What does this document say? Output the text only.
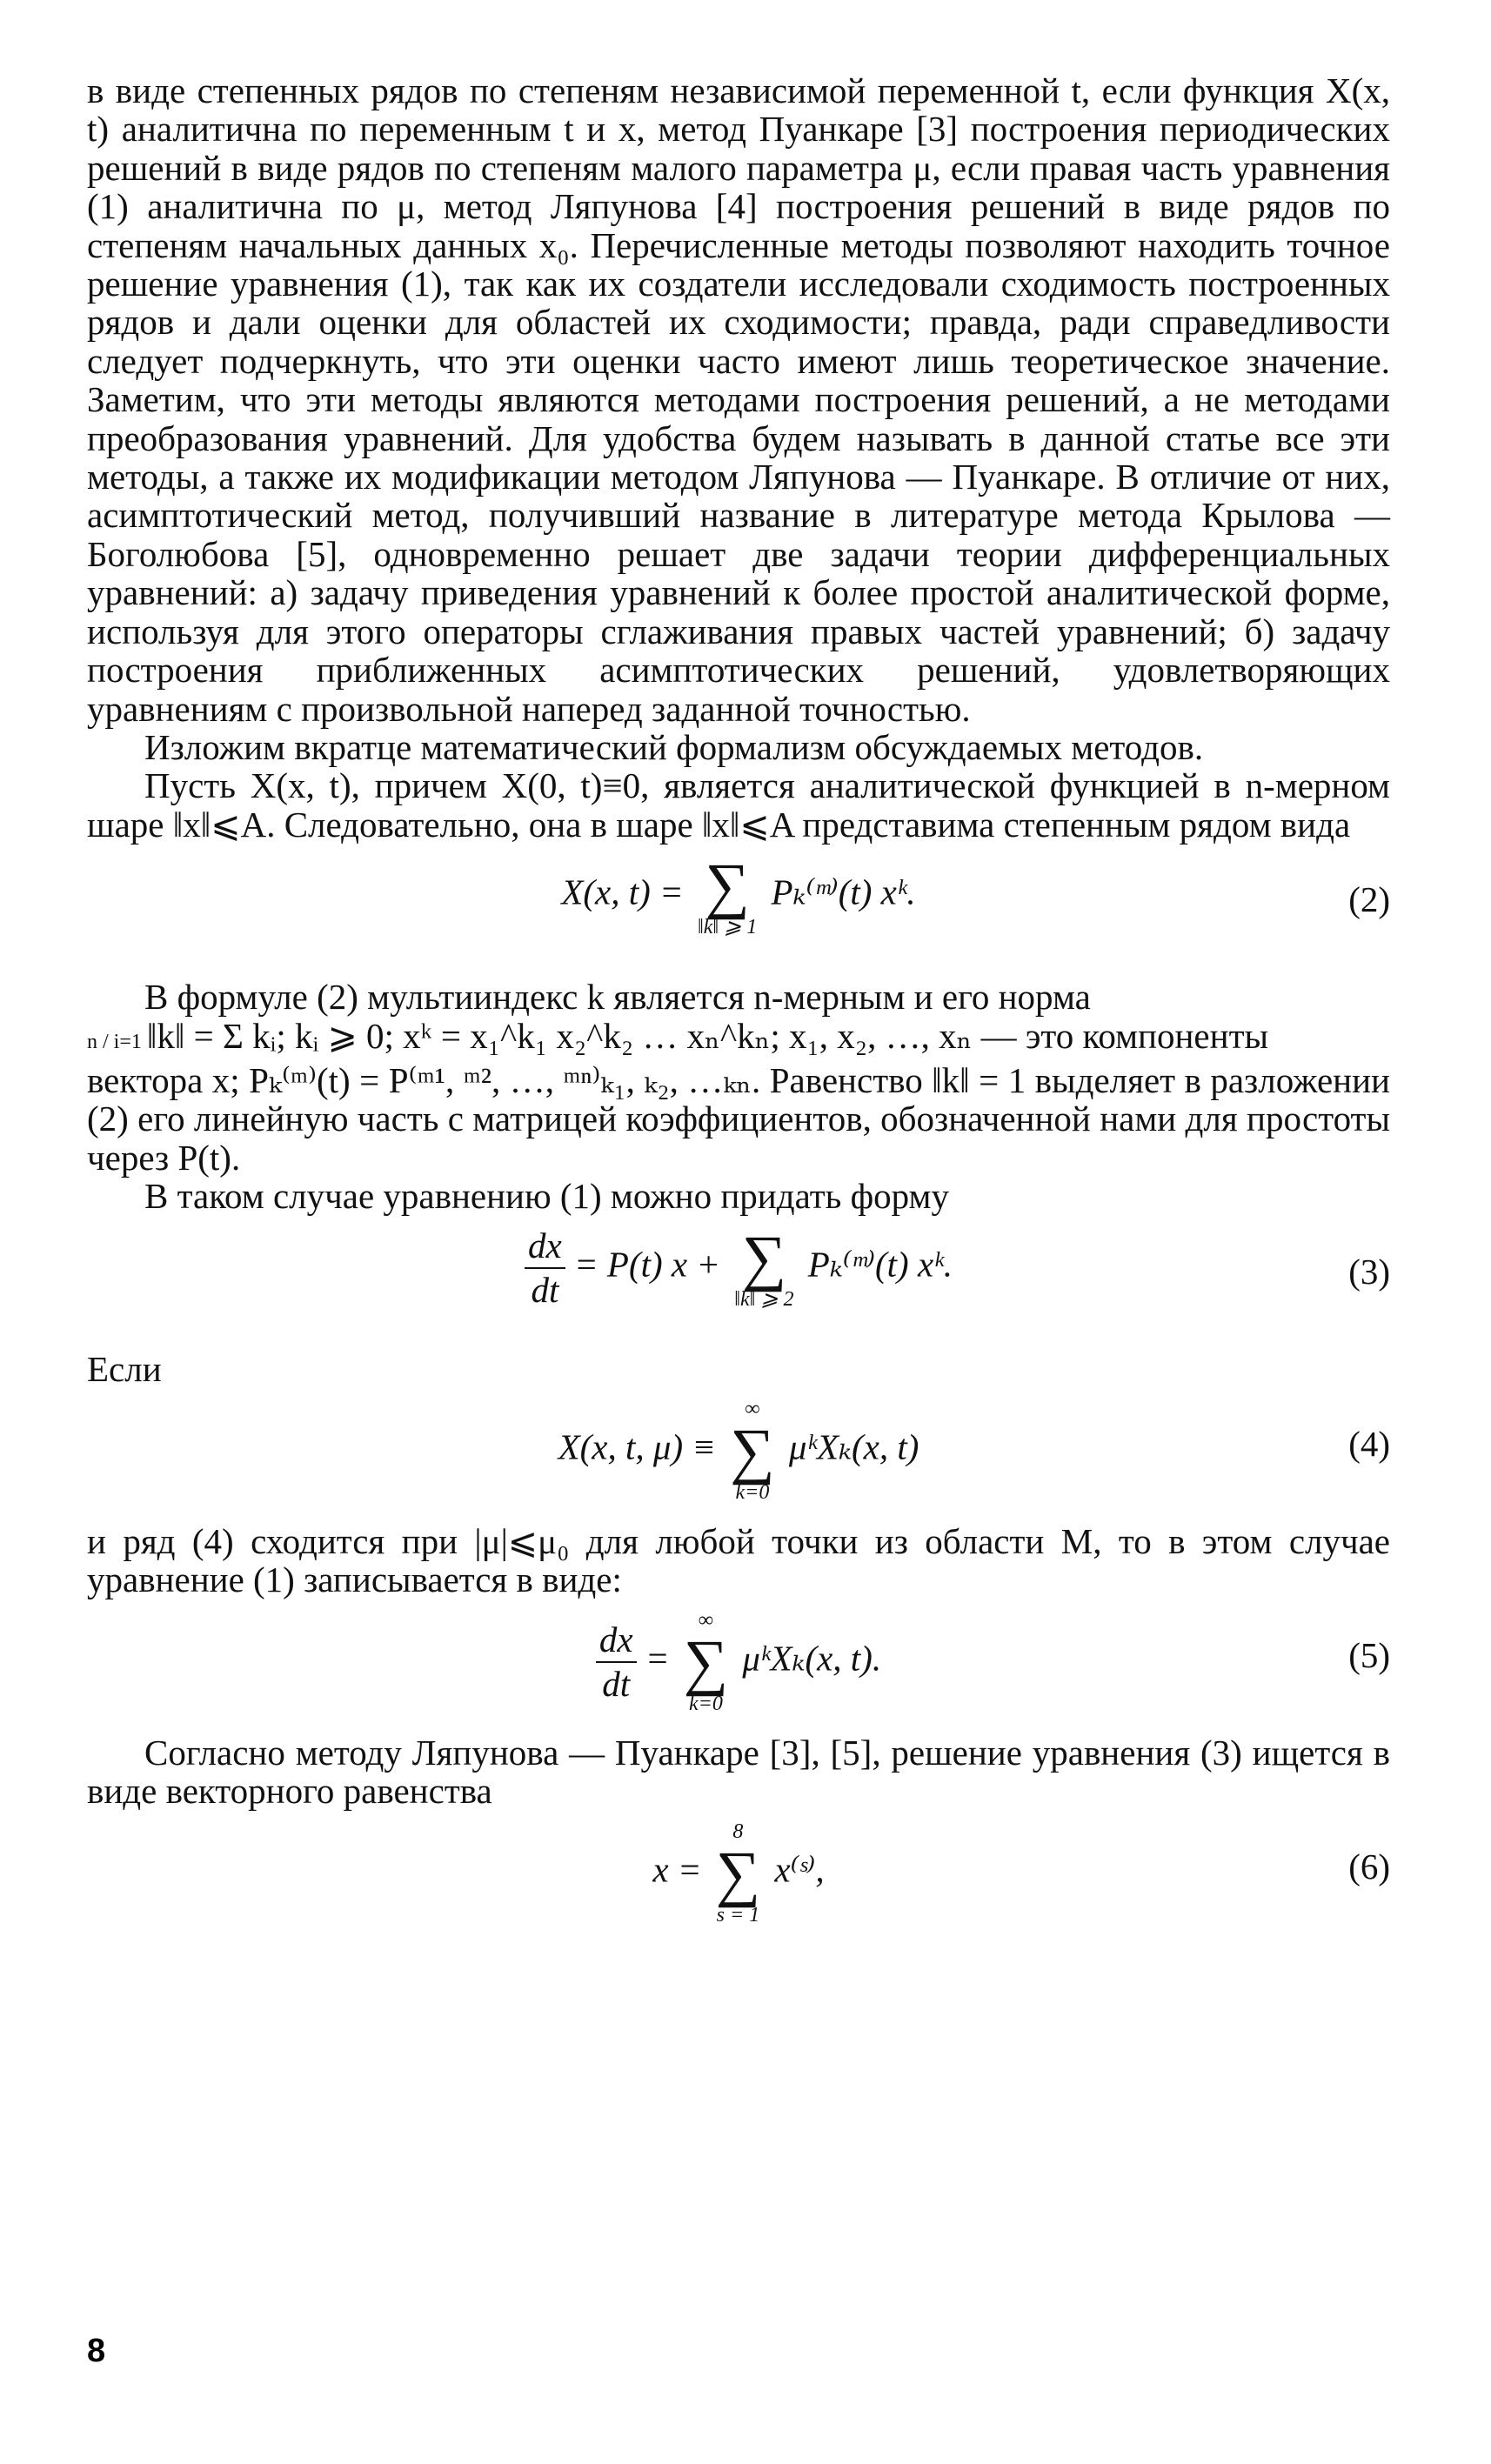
в виде степенных рядов по степеням независимой переменной t, если функция X(x, t) аналитична по переменным t и x, метод Пуанкаре [3] построения периодических решений в виде рядов по степеням малого параметра μ, если правая часть уравнения (1) аналитична по μ, метод Ляпунова [4] построения решений в виде рядов по степеням начальных данных x₀. Перечисленные методы позволяют находить точное решение уравнения (1), так как их создатели исследовали сходимость построенных рядов и дали оценки для областей их сходимости; правда, ради справедливости следует подчеркнуть, что эти оценки часто имеют лишь теоретическое значение. Заметим, что эти методы являются методами построения решений, а не методами преобразования уравнений. Для удобства будем называть в данной статье все эти методы, а также их модификации методом Ляпунова — Пуанкаре. В отличие от них, асимптотический метод, получивший название в литературе метода Крылова — Боголюбова [5], одновременно решает две задачи теории дифференциальных уравнений: а) задачу приведения уравнений к более простой аналитической форме, используя для этого операторы сглаживания правых частей уравнений; б) задачу построения приближенных асимптотических решений, удовлетворяющих уравнениям с произвольной наперед заданной точностью.

Изложим вкратце математический формализм обсуждаемых методов.

Пусть X(x, t), причем X(0, t)≡0, является аналитической функцией в n-мерном шаре ‖x‖⩽A. Следовательно, она в шаре ‖x‖⩽A представима степенным рядом вида

X(x, t) = ∑
‖k‖ ⩾ 1
Pₖ⁽ᵐ⁾(t) xᵏ.	(2)

В формуле (2) мультииндекс k является n-мерным и его норма

n / i=1 ‖k‖ = Σ kᵢ; kᵢ ⩾ 0; xᵏ = x₁^k₁ x₂^k₂ … xₙ^kₙ; x₁, x₂, …, xₙ — это компоненты

вектора x; Pₖ⁽ᵐ⁾(t) = P⁽ᵐ¹, ᵐ², …, ᵐⁿ⁾ₖ₁, ₖ₂, …ₖₙ. Равенство ‖k‖ = 1 выделяет в разложении (2) его линейную часть с матрицей коэффициентов, обозначенной нами для простоты через P(t).

В таком случае уравнению (1) можно придать форму

$\frac{dx}{dt} = P(t) x$ + ∑
‖k‖ ⩾ 2
Pₖ⁽ᵐ⁾(t) xᵏ.	(3)

Если

X(x, t, μ) ≡
∞
∑
k=0
μᵏXₖ(x, t)	(4)

и ряд (4) сходится при |μ|⩽μ₀ для любой точки из области M, то в этом случае уравнение (1) записывается в виде:

$\frac{dx}{dt}$ =
∞
∑
k=0
μᵏXₖ(x, t).	(5)

Согласно методу Ляпунова — Пуанкаре [3], [5], решение уравнения (3) ищется в виде векторного равенства

x =
8
∑
s = 1
x⁽ˢ⁾,	(6)
8
